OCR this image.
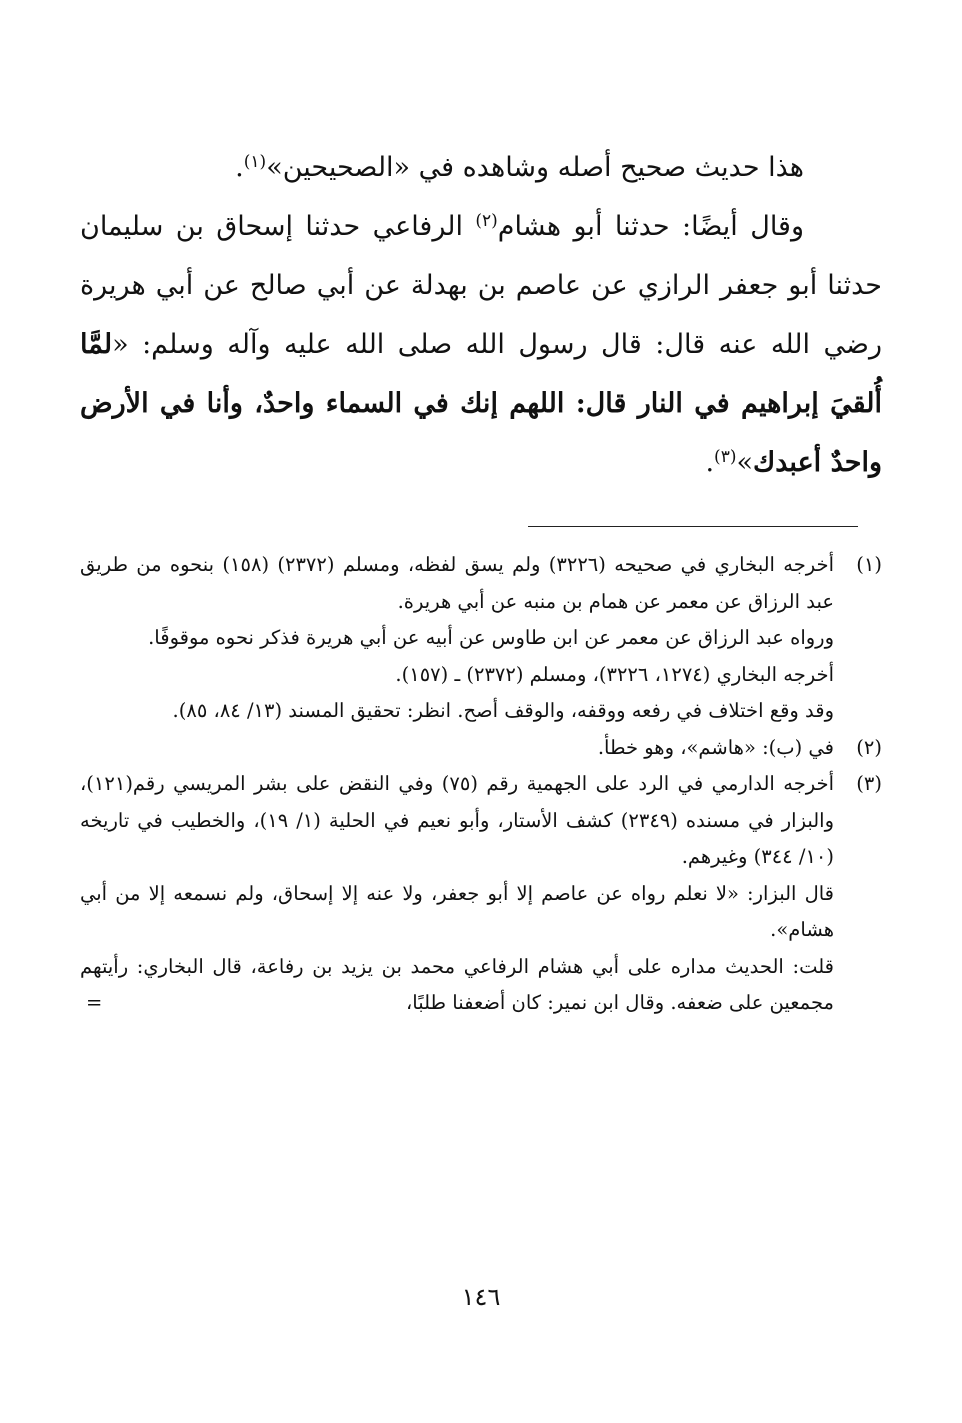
هذا حديث صحيح أصله وشاهده في «الصحيحين»$^{(١)}$.

وقال أيضًا: حدثنا أبو هشام$^{(٢)}$ الرفاعي حدثنا إسحاق بن سليمان حدثنا أبو جعفر الرازي عن عاصم بن بهدلة عن أبي صالح عن أبي هريرة رضي الله عنه قال: قال رسول الله صلى الله عليه وآله وسلم: «لمَّا أُلقيَ إبراهيم في النار قال: اللهم إنك في السماء واحدٌ، وأنا في الأرض واحدٌ أعبدك»$^{(٣)}$.

(١)

أخرجه البخاري في صحيحه (٣٢٢٦) ولم يسق لفظه، ومسلم (٢٣٧٢) (١٥٨) بنحوه من طريق عبد الرزاق عن معمر عن همام بن منبه عن أبي هريرة.

ورواه عبد الرزاق عن معمر عن ابن طاوس عن أبيه عن أبي هريرة فذكر نحوه موقوفًا.

أخرجه البخاري (١٢٧٤، ٣٢٢٦)، ومسلم (٢٣٧٢) ـ (١٥٧).

وقد وقع اختلاف في رفعه ووقفه، والوقف أصح. انظر: تحقيق المسند (١٣/ ٨٤، ٨٥).

(٢)

في (ب): «هاشم»، وهو خطأ.

(٣)

أخرجه الدارمي في الرد على الجهمية رقم (٧٥) وفي النقض على بشر المريسي رقم(١٢١)، والبزار في مسنده (٢٣٤٩) كشف الأستار، وأبو نعيم في الحلية (١/ ١٩)، والخطيب في تاريخه (١٠/ ٣٤٤) وغيرهم.

قال البزار: «لا نعلم رواه عن عاصم إلا أبو جعفر، ولا عنه إلا إسحاق، ولم نسمعه إلا من أبي هشام».

قلت: الحديث مداره على أبي هشام الرفاعي محمد بن يزيد بن رفاعة، قال البخاري: رأيتهم مجمعين على ضعفه. وقال ابن نمير: كان أضعفنا طلبًا،
=

١٤٦
